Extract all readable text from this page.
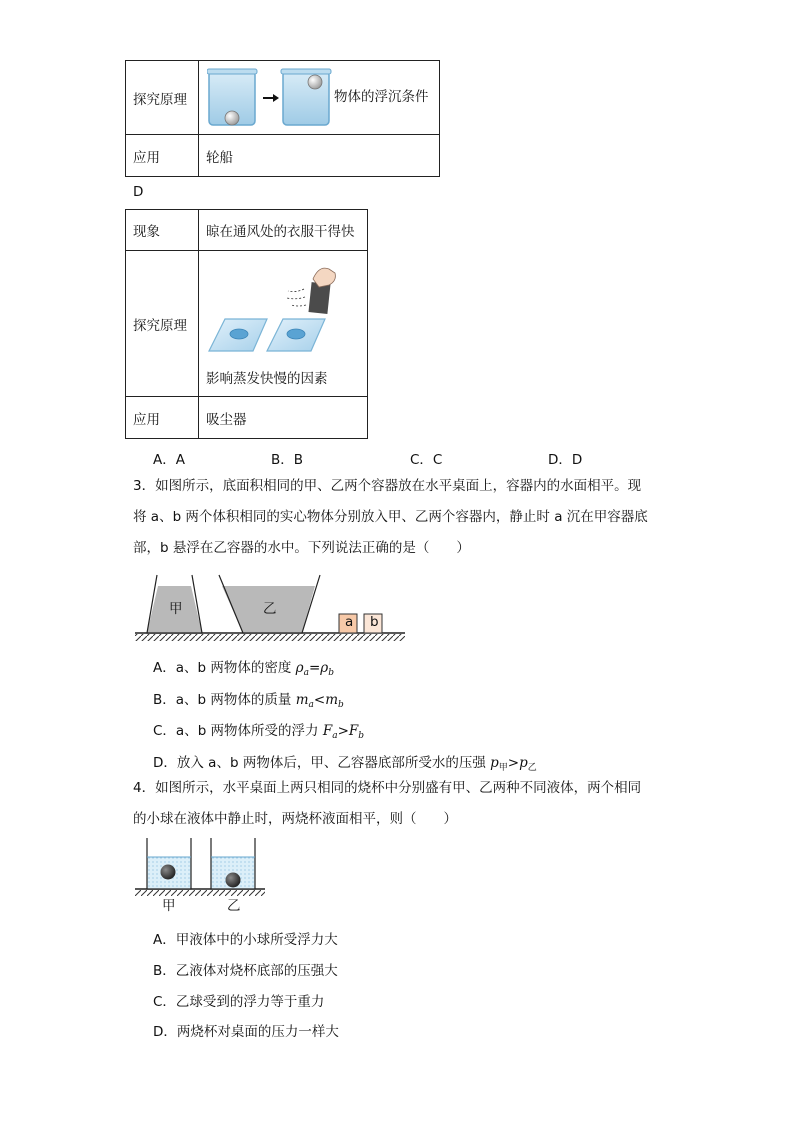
探究原理	物体的浮沉条件

应用	轮船
D
现象	晾在通风处的衣服干得快
探究原理	影响蒸发快慢的因素

应用	吸尘器
A．A	B．B	C．C	D．D
3．如图所示，底面积相同的甲、乙两个容器放在水平桌面上，容器内的水面相平。现
将 a、b 两个体积相同的实心物体分别放入甲、乙两个容器内，静止时 a 沉在甲容器底
部，b 悬浮在乙容器的水中。下列说法正确的是（　　）
甲	乙
a b
A．a、b 两物体的密度 $\rho_a=\rho_b$
B．a、b 两物体的质量 $m_a<m_b$
C．a、b 两物体所受的浮力 $F_a>F_b$
D．放入 a、b 两物体后，甲、乙容器底部所受水的压强 $p_甲>p_乙$
4．如图所示，水平桌面上两只相同的烧杯中分别盛有甲、乙两种不同液体，两个相同
的小球在液体中静止时，两烧杯液面相平，则（　　）
甲	乙
A．甲液体中的小球所受浮力大
B．乙液体对烧杯底部的压强大
C．乙球受到的浮力等于重力
D．两烧杯对桌面的压力一样大
